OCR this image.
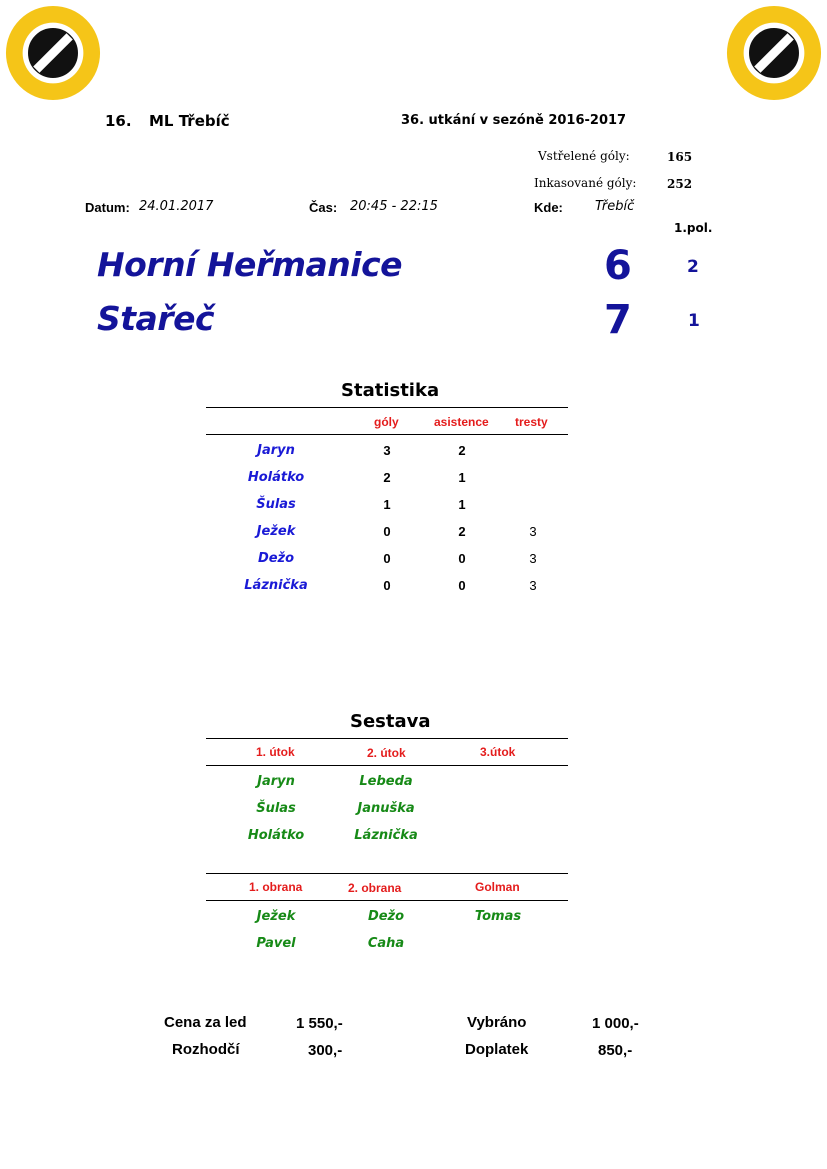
16. ML Třebíč	36. utkání v sezóně 2016-2017
Vstřelené góly:	165
Inkasované góly:	252
Datum: 24.01.2017	Čas: 20:45 - 22:15	Kde: Třebíč
1.pol.
Horní Heřmanice	6	2
Stařeč	7	1
Statistika
góly	asistence tresty
Jaryn	3	2
Holátko	2	1
Šulas	1	1
Ježek	0	2	3
Dežo	0	0	3
Láznička	0	0	3
Sestava
1. útok	2. útok	3.útok
Jaryn	Lebeda
Šulas	Januška
Holátko	Láznička
1. obrana	2. obrana	Golman
Ježek	Dežo	Tomas
Pavel	Caha
Cena za led	1 550,-	Vybráno	1 000,-
Rozhodčí	300,-	Doplatek	850,-
